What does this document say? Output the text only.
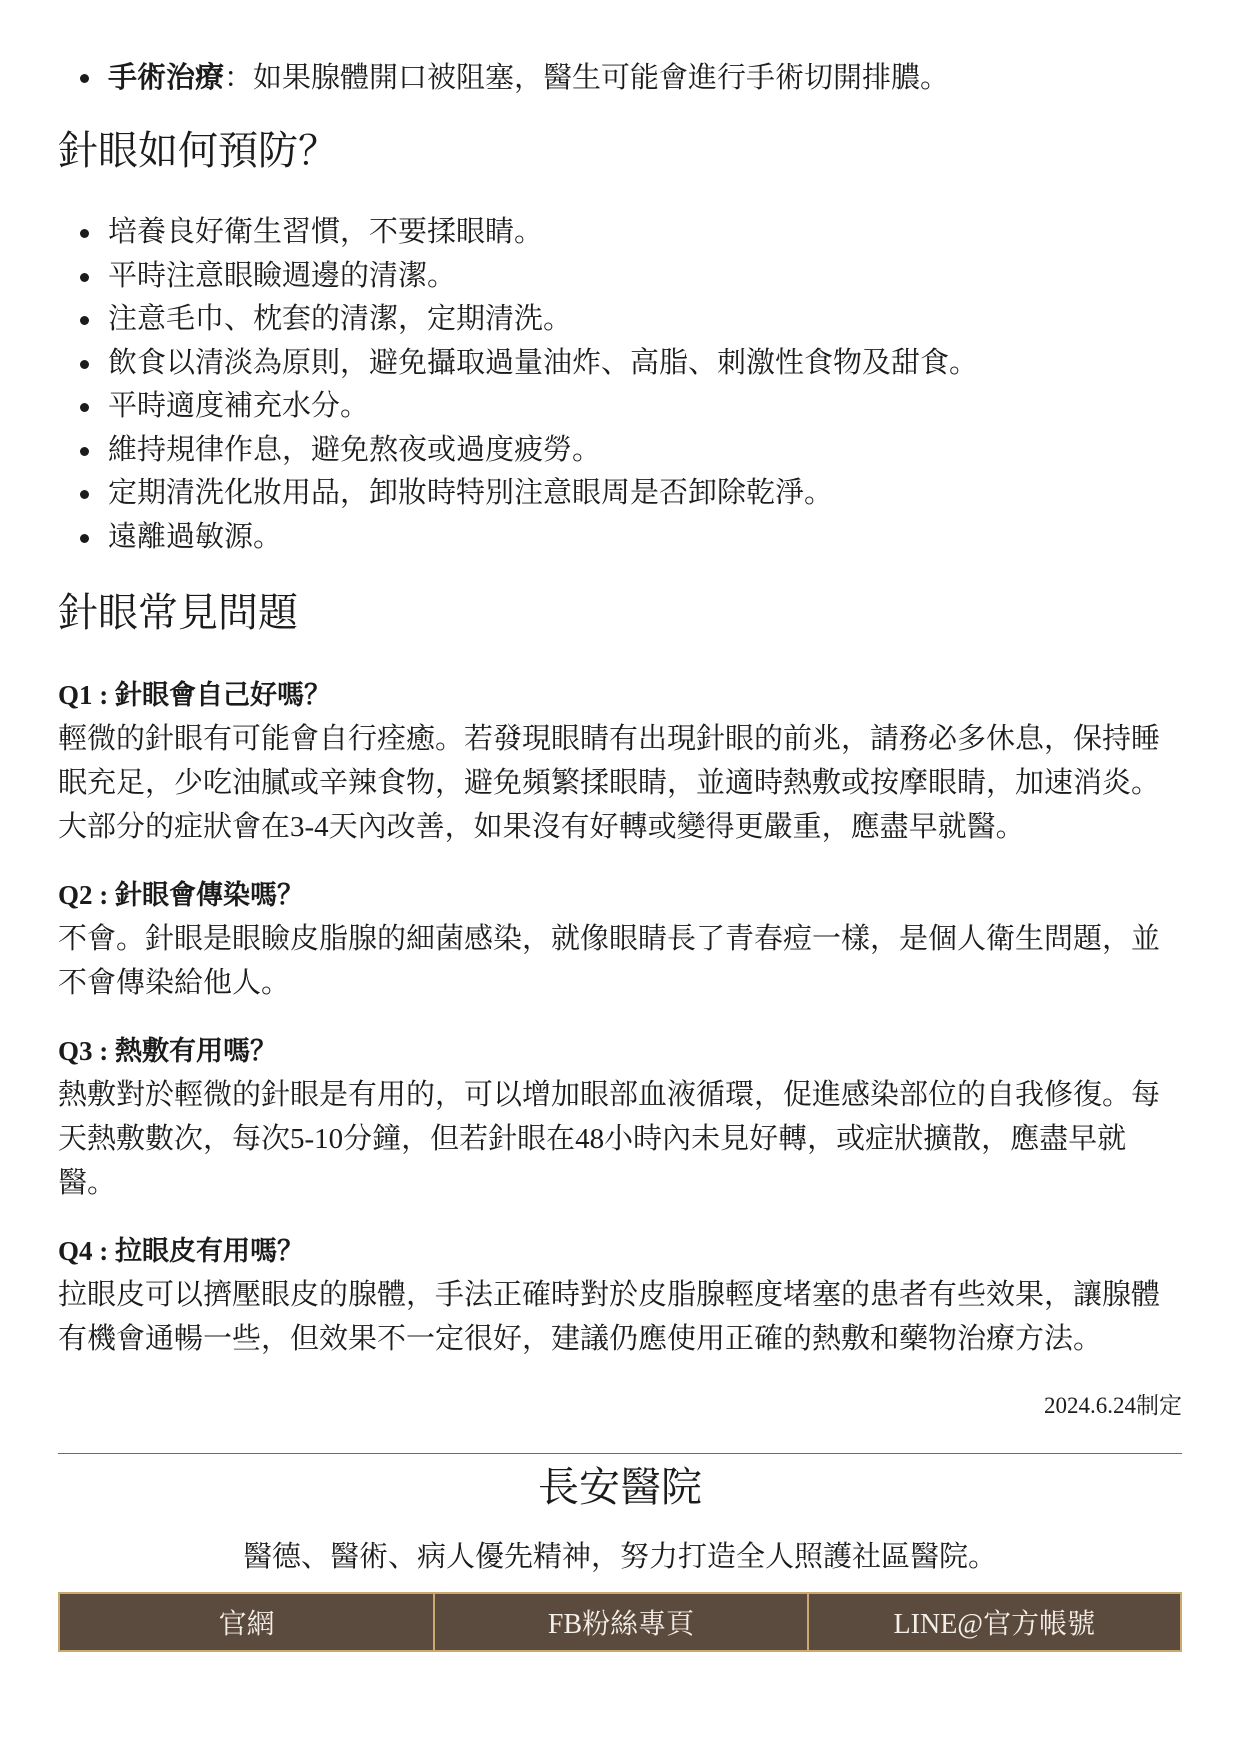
手術治療：如果腺體開口被阻塞，醫生可能會進行手術切開排膿。
針眼如何預防？
培養良好衛生習慣，不要揉眼睛。
平時注意眼瞼週邊的清潔。
注意毛巾、枕套的清潔，定期清洗。
飲食以清淡為原則，避免攝取過量油炸、高脂、刺激性食物及甜食。
平時適度補充水分。
維持規律作息，避免熬夜或過度疲勞。
定期清洗化妝用品，卸妝時特別注意眼周是否卸除乾淨。
遠離過敏源。
針眼常見問題
Q1 : 針眼會自己好嗎？
輕微的針眼有可能會自行痊癒。若發現眼睛有出現針眼的前兆，請務必多休息，保持睡
眠充足，少吃油膩或辛辣食物，避免頻繁揉眼睛，並適時熱敷或按摩眼睛，加速消炎。
大部分的症狀會在3-4天內改善，如果沒有好轉或變得更嚴重，應盡早就醫。
Q2 : 針眼會傳染嗎？
不會。針眼是眼瞼皮脂腺的細菌感染，就像眼睛長了青春痘一樣，是個人衛生問題，並
不會傳染給他人。
Q3 : 熱敷有用嗎？
熱敷對於輕微的針眼是有用的，可以增加眼部血液循環，促進感染部位的自我修復。每
天熱敷數次，每次5-10分鐘，但若針眼在48小時內未見好轉，或症狀擴散，應盡早就
醫。
Q4 : 拉眼皮有用嗎？
拉眼皮可以擠壓眼皮的腺體，手法正確時對於皮脂腺輕度堵塞的患者有些效果，讓腺體
有機會通暢一些，但效果不一定很好，建議仍應使用正確的熱敷和藥物治療方法。
2024.6.24制定
長安醫院
醫德、醫術、病人優先精神，努力打造全人照護社區醫院。
官網	FB粉絲專頁	LINE@官方帳號
